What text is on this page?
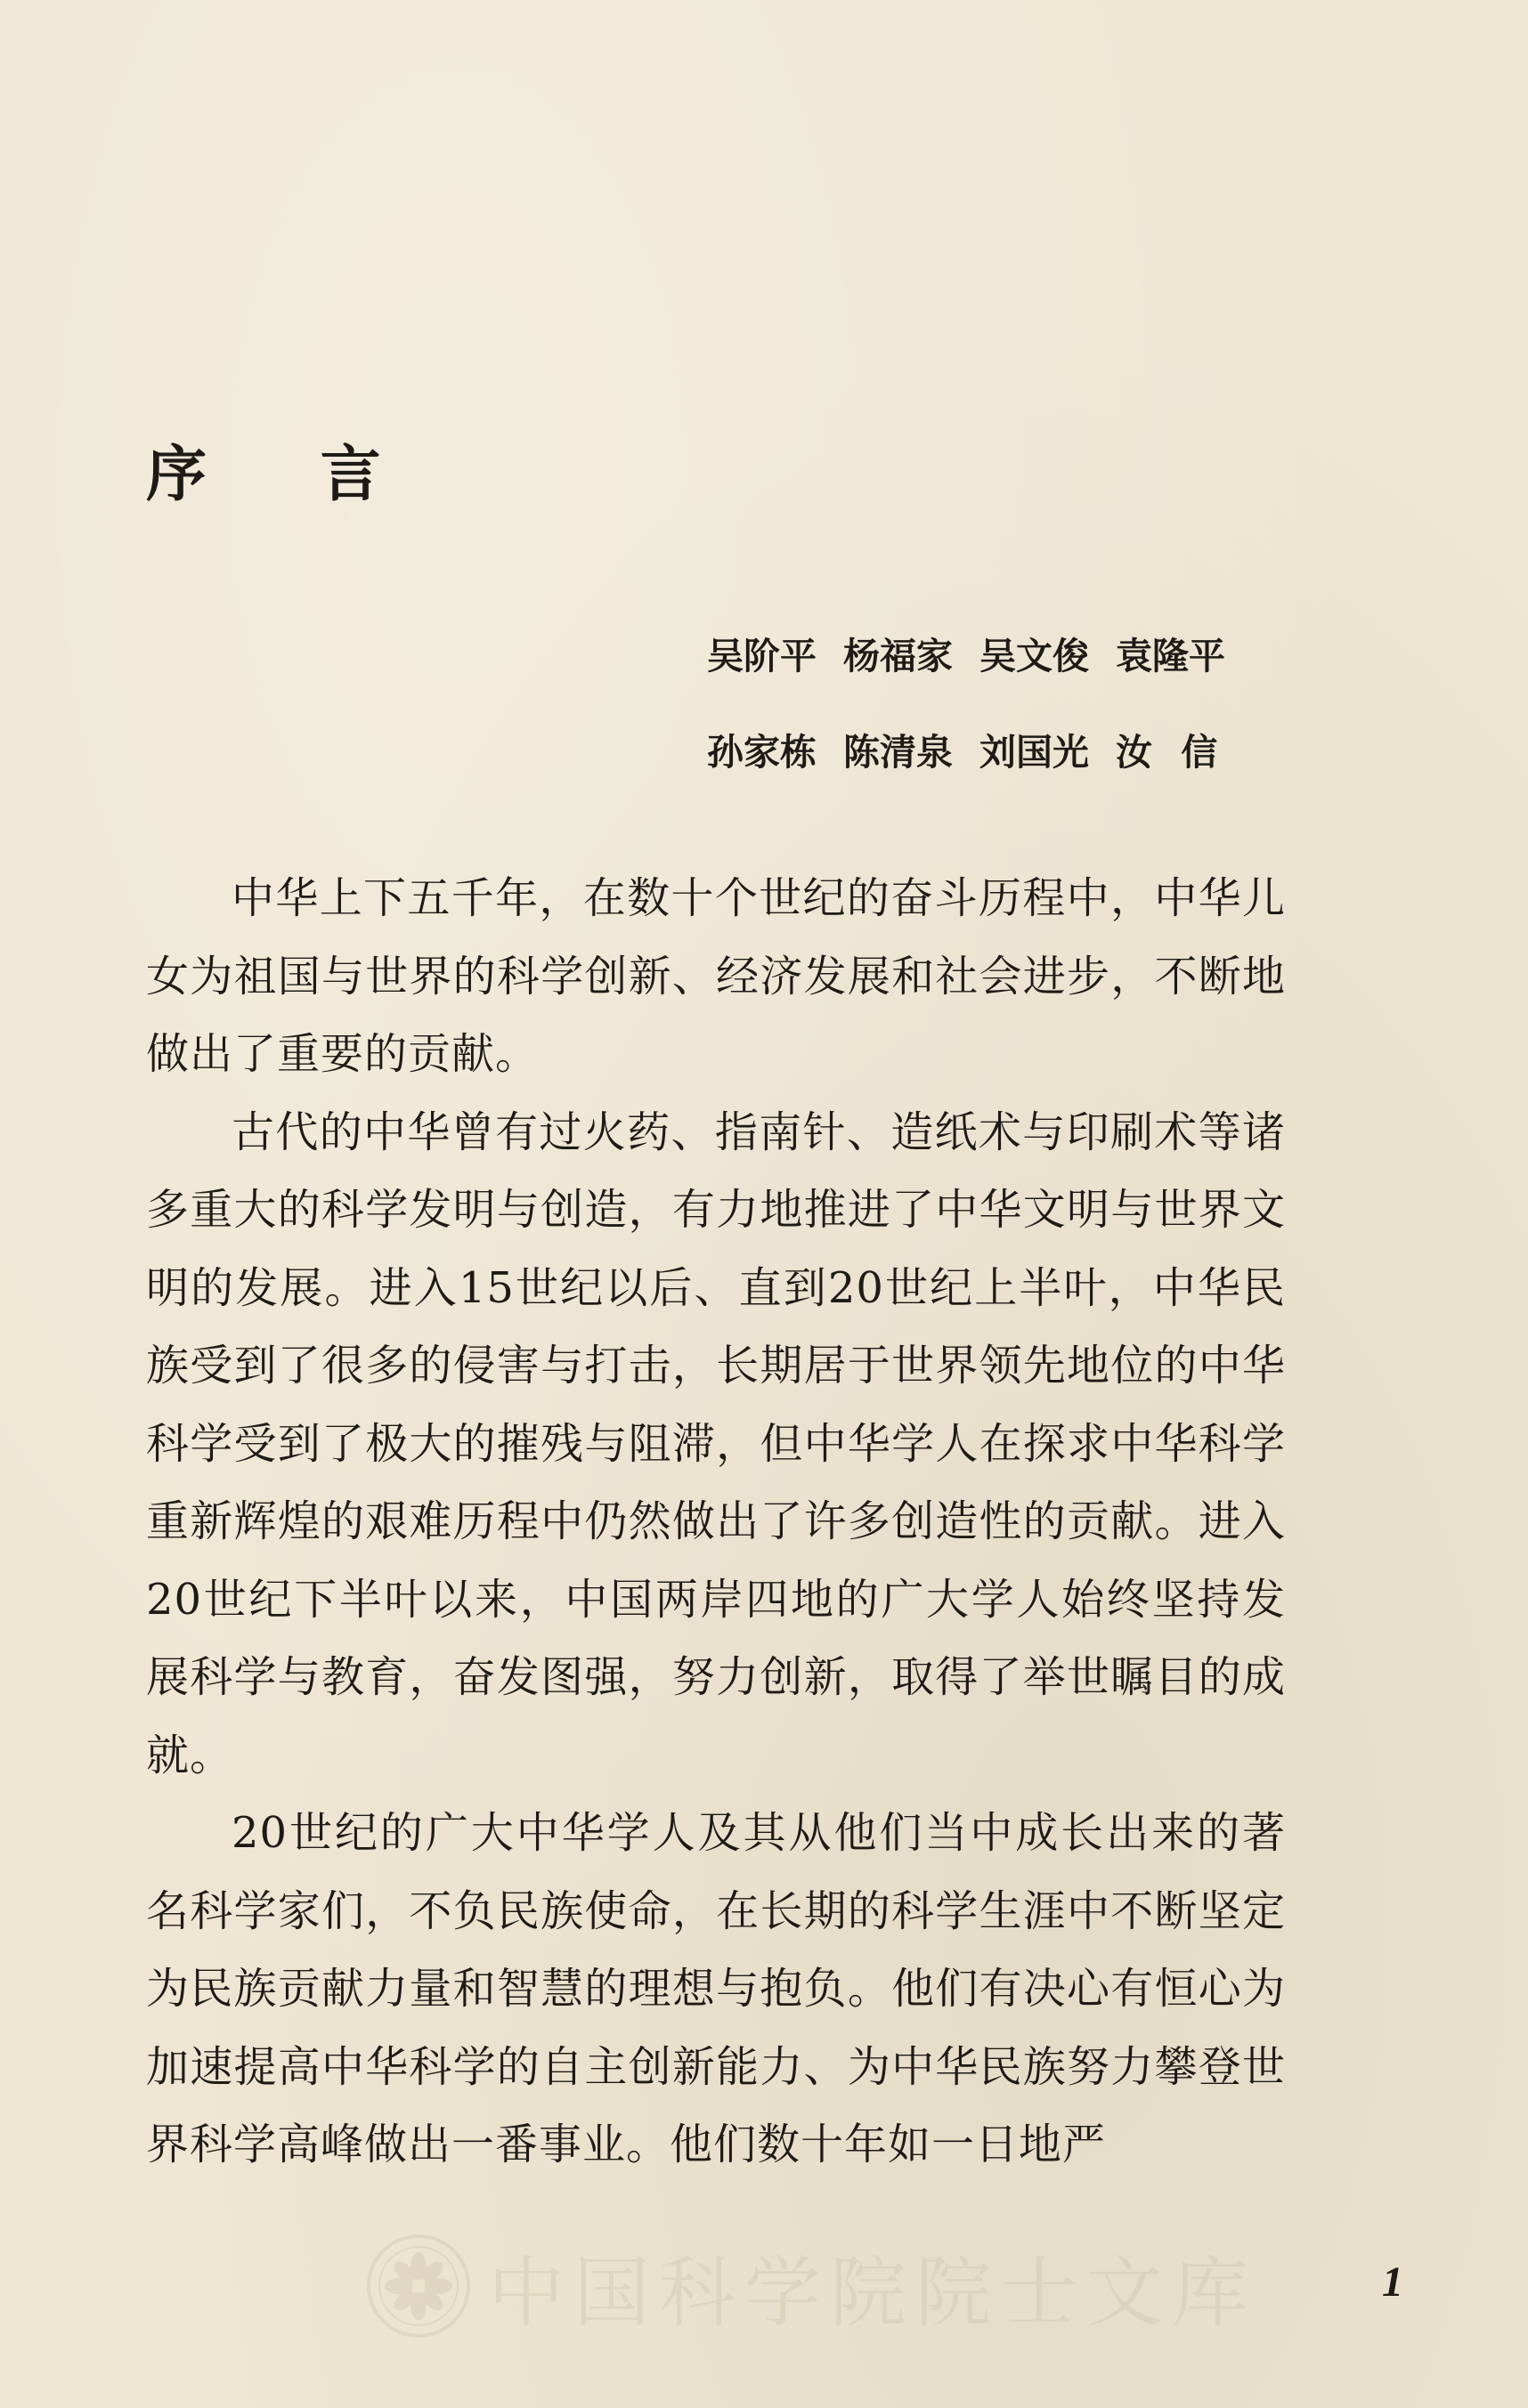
序 言
吴阶平 杨福家 吴文俊 袁隆平
孙家栋 陈清泉 刘国光 汝 信

中华上下五千年，在数十个世纪的奋斗历程中，中华儿女为祖国与世界的科学创新、经济发展和社会进步，不断地做出了重要的贡献。

古代的中华曾有过火药、指南针、造纸术与印刷术等诸多重大的科学发明与创造，有力地推进了中华文明与世界文明的发展。进入15世纪以后、直到20世纪上半叶，中华民族受到了很多的侵害与打击，长期居于世界领先地位的中华科学受到了极大的摧残与阻滞，但中华学人在探求中华科学重新辉煌的艰难历程中仍然做出了许多创造性的贡献。进入20世纪下半叶以来，中国两岸四地的广大学人始终坚持发展科学与教育，奋发图强，努力创新，取得了举世瞩目的成就。

20世纪的广大中华学人及其从他们当中成长出来的著名科学家们，不负民族使命，在长期的科学生涯中不断坚定为民族贡献力量和智慧的理想与抱负。他们有决心有恒心为加速提高中华科学的自主创新能力、为中华民族努力攀登世界科学高峰做出一番事业。他们数十年如一日地严

中国科学院院士文库	1
